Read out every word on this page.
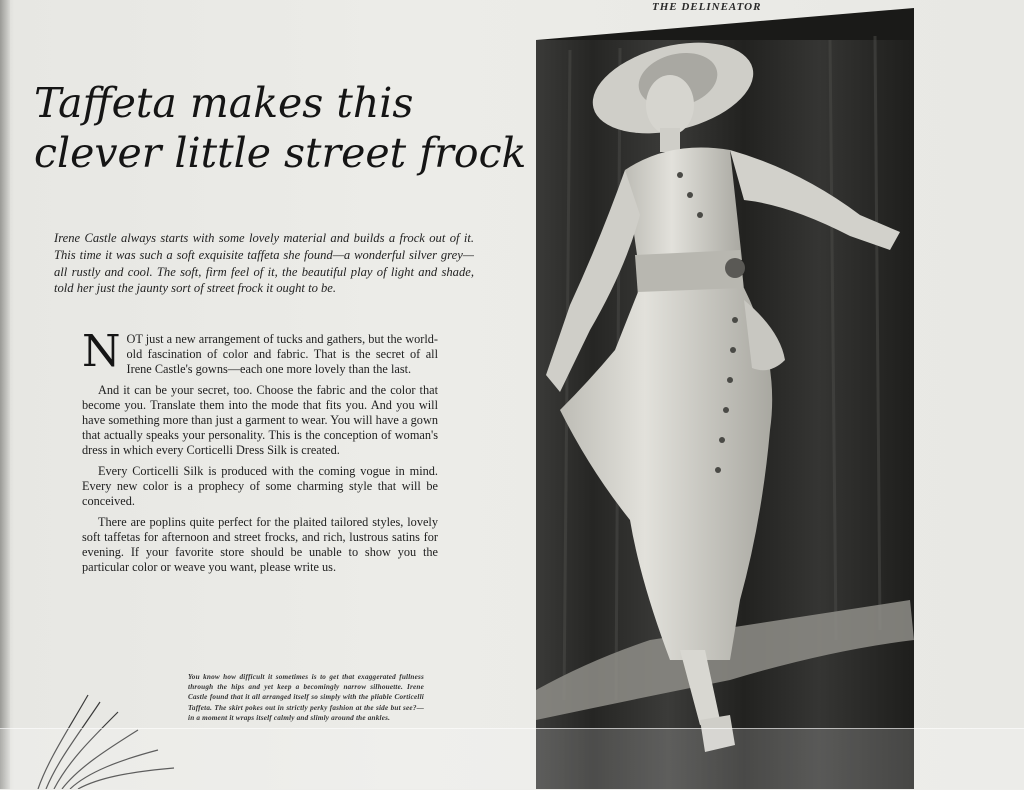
THE DELINEATOR
Taffeta makes this
clever little street frock

Irene Castle always starts with some lovely material and builds a frock out of it. This time it was such a soft exquisite taffeta she found—a wonderful silver grey—all rustly and cool. The soft, firm feel of it, the beautiful play of light and shade, told her just the jaunty sort of street frock it ought to be.

NOT just a new arrangement of tucks and gathers, but the world-old fascination of color and fabric. That is the secret of all Irene Castle's gowns—each one more lovely than the last.

And it can be your secret, too. Choose the fabric and the color that become you. Translate them into the mode that fits you. And you will have something more than just a garment to wear. You will have a gown that actually speaks your personality. This is the conception of woman's dress in which every Corticelli Dress Silk is created.

Every Corticelli Silk is produced with the coming vogue in mind. Every new color is a prophecy of some charming style that will be conceived.

There are poplins quite perfect for the plaited tailored styles, lovely soft taffetas for afternoon and street frocks, and rich, lustrous satins for evening. If your favorite store should be unable to show you the particular color or weave you want, please write us.

You know how difficult it sometimes is to get that exaggerated fullness through the hips and yet keep a becomingly narrow silhouette. Irene Castle found that it all arranged itself so simply with the pliable Corticelli Taffeta. The skirt pokes out in strictly perky fashion at the side but see?—in a moment it wraps itself calmly and slimly around the ankles.
